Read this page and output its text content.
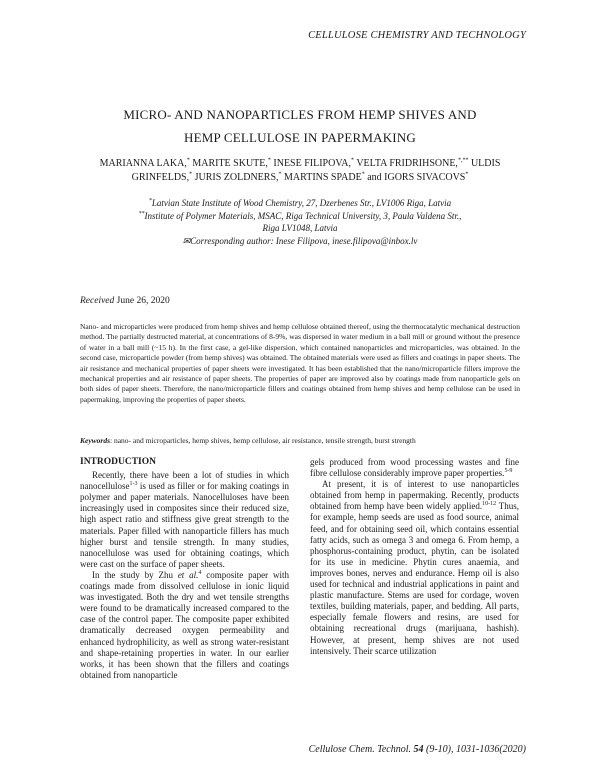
CELLULOSE CHEMISTRY AND TECHNOLOGY
MICRO- AND NANOPARTICLES FROM HEMP SHIVES AND
HEMP CELLULOSE IN PAPERMAKING
MARIANNA LAKA,* MARITE SKUTE,* INESE FILIPOVA,* VELTA FRIDRIHSONE,*,** ULDIS GRINFELDS,* JURIS ZOLDNERS,* MARTINS SPADE* and IGORS SIVACOVS*
*Latvian State Institute of Wood Chemistry, 27, Dzerbenes Str., LV1006 Riga, Latvia
**Institute of Polymer Materials, MSAC, Riga Technical University, 3, Paula Valdena Str.,
Riga LV1048, Latvia
✉Corresponding author: Inese Filipova, inese.filipova@inbox.lv
Received June 26, 2020
Nano- and microparticles were produced from hemp shives and hemp cellulose obtained thereof, using the thermocatalytic mechanical destruction method. The partially destructed material, at concentrations of 8-9%, was dispersed in water medium in a ball mill or ground without the presence of water in a ball mill (~15 h). In the first case, a gel-like dispersion, which contained nanoparticles and microparticles, was obtained. In the second case, microparticle powder (from hemp shives) was obtained. The obtained materials were used as fillers and coatings in paper sheets. The air resistance and mechanical properties of paper sheets were investigated. It has been established that the nano/microparticle fillers improve the mechanical properties and air resistance of paper sheets. The properties of paper are improved also by coatings made from nanoparticle gels on both sides of paper sheets. Therefore, the nano/microparticle fillers and coatings obtained from hemp shives and hemp cellulose can be used in papermaking, improving the properties of paper sheets.
Keywords: nano- and microparticles, hemp shives, hemp cellulose, air resistance, tensile strength, burst strength
INTRODUCTION

Recently, there have been a lot of studies in which nanocellulose$^{1-3}$ is used as filler or for making coatings in polymer and paper materials. Nanocelluloses have been increasingly used in composites since their reduced size, high aspect ratio and stiffness give great strength to the materials. Paper filled with nanoparticle fillers has much higher burst and tensile strength. In many studies, nanocellulose was used for obtaining coatings, which were cast on the surface of paper sheets.

In the study by Zhu et al.$^4$ composite paper with coatings made from dissolved cellulose in ionic liquid was investigated. Both the dry and wet tensile strengths were found to be dramatically increased compared to the case of the control paper. The composite paper exhibited dramatically decreased oxygen permeability and enhanced hydrophilicity, as well as strong water-resistant and shape-retaining properties in water. In our earlier works, it has been shown that the fillers and coatings obtained from nanoparticle

gels produced from wood processing wastes and fine fibre cellulose considerably improve paper properties.$^{5-9}$

At present, it is of interest to use nanoparticles obtained from hemp in papermaking. Recently, products obtained from hemp have been widely applied.$^{10-12}$ Thus, for example, hemp seeds are used as food source, animal feed, and for obtaining seed oil, which contains essential fatty acids, such as omega 3 and omega 6. From hemp, a phosphorus-containing product, phytin, can be isolated for its use in medicine. Phytin cures anaemia, and improves bones, nerves and endurance. Hemp oil is also used for technical and industrial applications in paint and plastic manufacture. Stems are used for cordage, woven textiles, building materials, paper, and bedding. All parts, especially female flowers and resins, are used for obtaining recreational drugs (marijuana, hashish). However, at present, hemp shives are not used intensively. Their scarce utilization

Cellulose Chem. Technol. 54 (9-10), 1031-1036(2020)
